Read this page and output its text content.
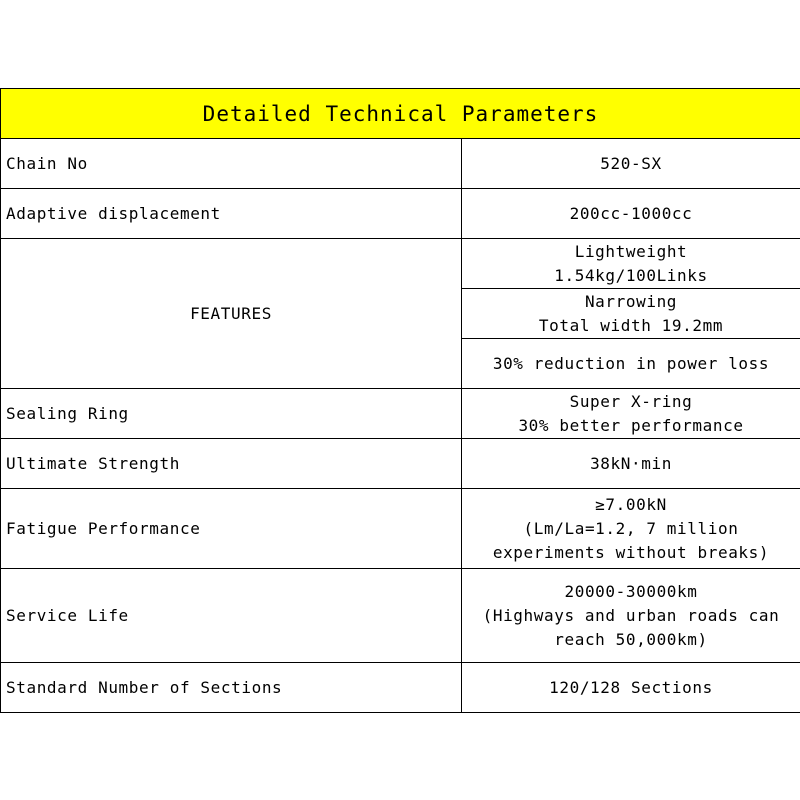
Detailed Technical Parameters	
Chain No	520-SX
Adaptive displacement	200cc-1000cc
FEATURES	Lightweight
1.54kg/100Links

	Narrowing
Total width 19.2mm

	30% reduction in power loss

Sealing Ring	Super X-ring
30% better performance

Ultimate Strength	38kN·min
Fatigue Performance	≥7.00kN
(Lm/La=1.2, 7 million
experiments without breaks)

Service Life	20000-30000km
(Highways and urban roads can
reach 50,000km)

Standard Number of Sections	120/128 Sections
